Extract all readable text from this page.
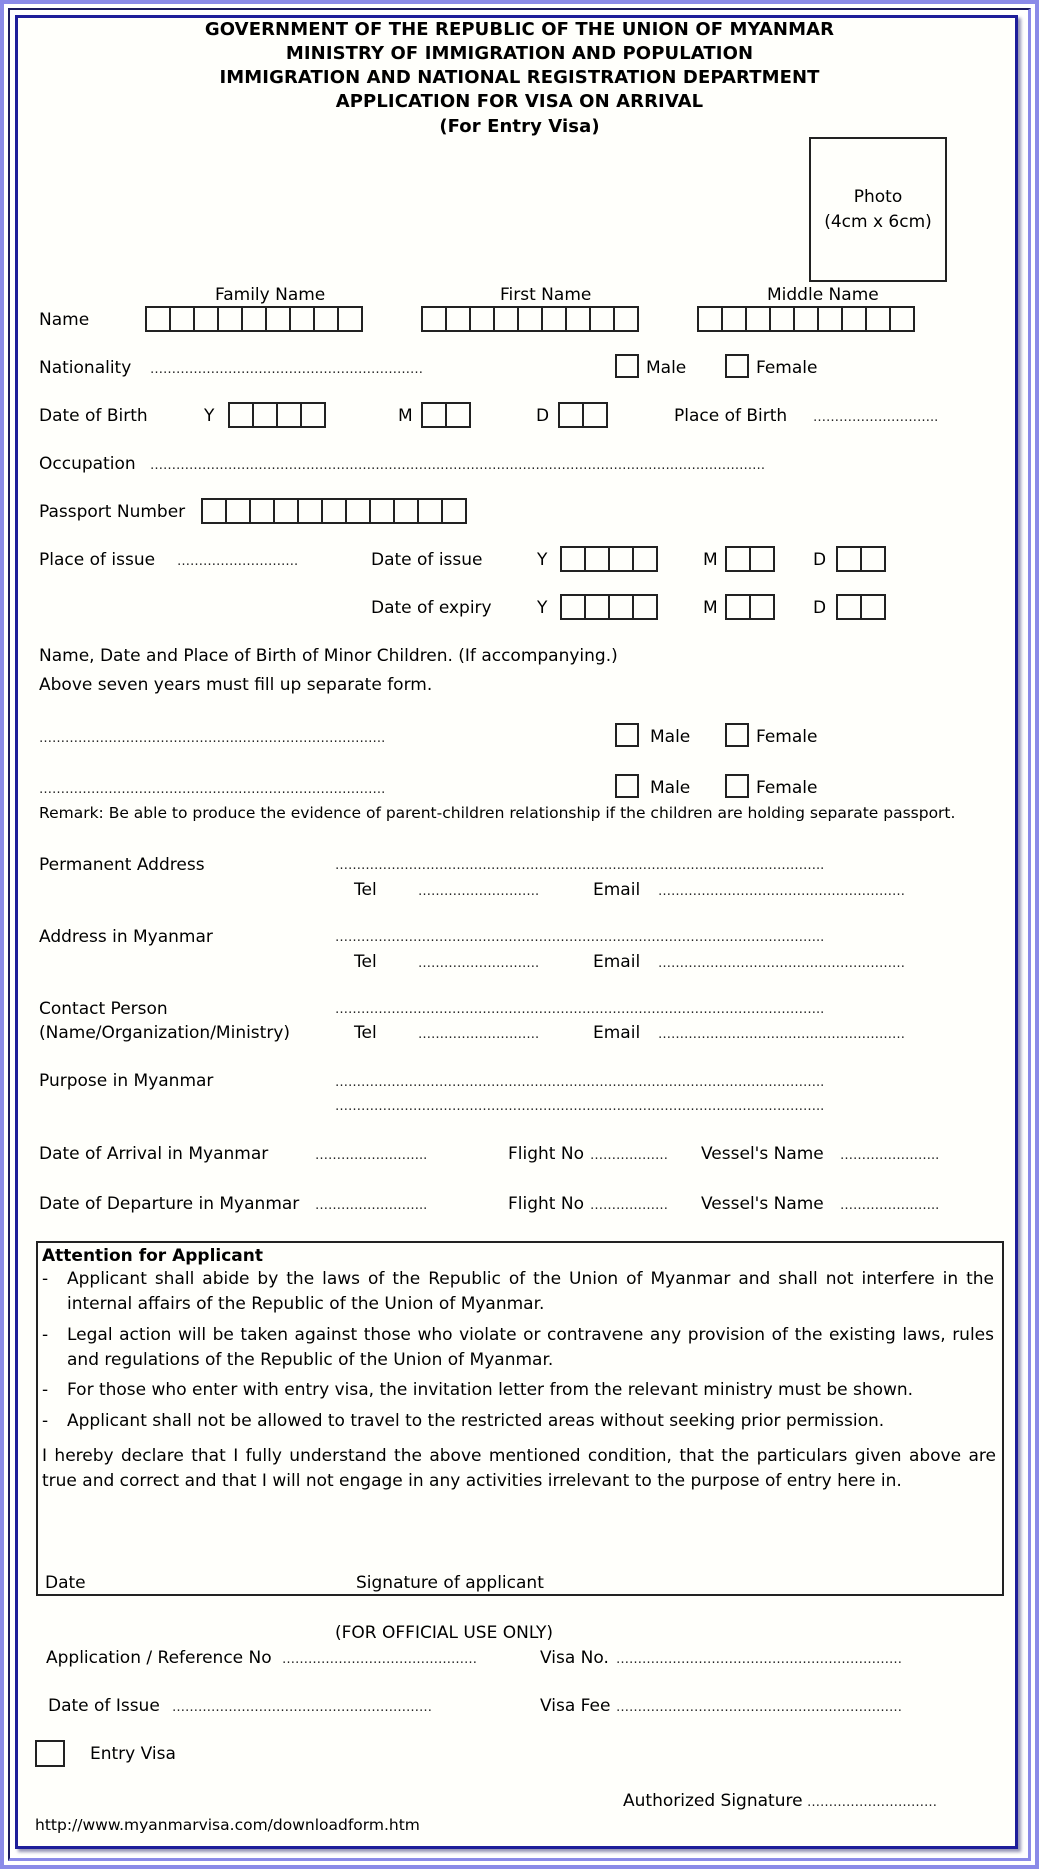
GOVERNMENT OF THE REPUBLIC OF THE UNION OF MYANMAR
MINISTRY OF IMMIGRATION AND POPULATION
IMMIGRATION AND NATIONAL REGISTRATION DEPARTMENT
APPLICATION FOR VISA ON ARRIVAL
(For Entry Visa)
Photo
(4cm x 6cm)
Family Name	First Name	Middle Name
Name
Nationality ………………………………………………………	Male	Female
Date of Birth	Y	M	D	Place of Birth ………………………..
Occupation ………………………………………………………….…………………………………………………………………
Passport Number
Place of issue ……………………….	Date of issue	Y	M	D
Date of expiry	Y	M	D
Name, Date and Place of Birth of Minor Children. (If accompanying.)
Above seven years must fill up separate form.
……………………………………….…………………………….	Male	Female
……………………………………….…………………………….	Male	Female
Remark: Be able to produce the evidence of parent-children relationship if the children are holding separate passport.
Permanent Address	…………………………………………………………………………………………………..
Tel	……………………….	Email …………………………………………………
Address in Myanmar	…………………………………………………………………………………………………..
Tel	……………………….	Email …………………………………………………
Contact Person
(Name/Organization/Ministry)
…………………………………………………………………………………………………..
Tel	……………………….	Email …………………………………………………
Purpose in Myanmar	…………………………………………………………………………………………………..
…………………………………………………………………………………………………..
Date of Arrival in Myanmar	……………………..	Flight No ………………	Vessel's Name …………………..
Date of Departure in Myanmar ……………………..	Flight No ………………	Vessel's Name …………………..
Attention for Applicant
-	Applicant shall abide by the laws of the Republic of the Union of Myanmar and shall not interfere in the internal affairs of the Republic of the Union of Myanmar.
-	Legal action will be taken against those who violate or contravene any provision of the existing laws, rules and regulations of the Republic of the Union of Myanmar.
-	For those who enter with entry visa, the invitation letter from the relevant ministry must be shown.
-	Applicant shall not be allowed to travel to the restricted areas without seeking prior permission.
I hereby declare that I fully understand the above mentioned condition, that the particulars given above are true and correct and that I will not engage in any activities irrelevant to the purpose of entry here in.
Date	Signature of applicant
(FOR OFFICIAL USE ONLY)
Application / Reference No ………………………………………	Visa No. …………………………………………………………
Date of Issue ……………………………………………………	Visa Fee …………………………………………………………
Entry Visa
Authorized Signature …………………………
http://www.myanmarvisa.com/downloadform.htm
